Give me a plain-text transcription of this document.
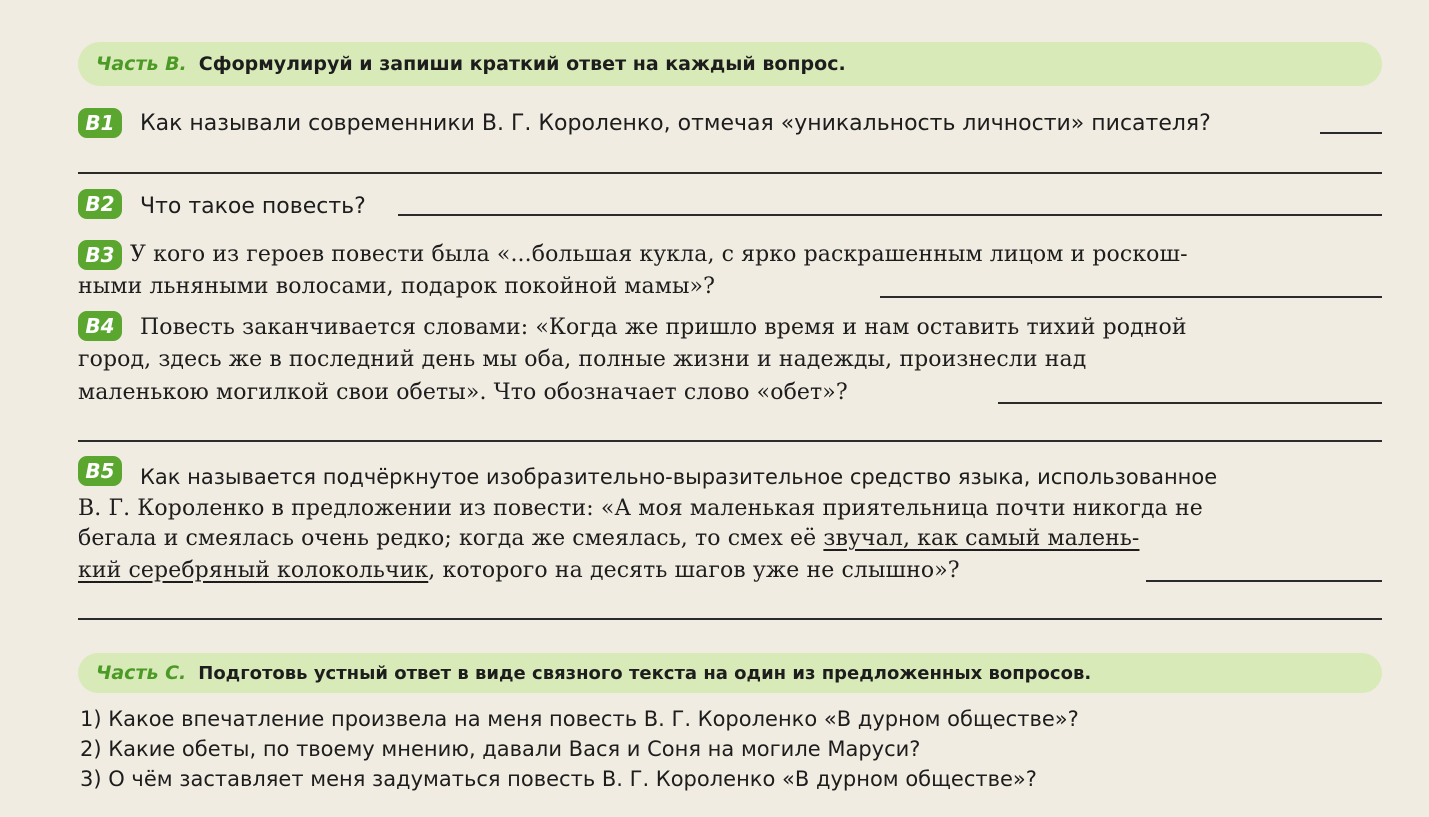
Часть В. Сформулируй и запиши краткий ответ на каждый вопрос.
В1	Как называли современники В. Г. Короленко, отмечая «уникальность личности» писателя?
В2	Что такое повесть?
В3 У кого из героев повести была «...большая кукла, с ярко раскрашенным лицом и роскош-
ными льняными волосами, подарок покойной мамы»?
В4	Повесть заканчивается словами: «Когда же пришло время и нам оставить тихий родной
город, здесь же в последний день мы оба, полные жизни и надежды, произнесли над
маленькою могилкой свои обеты». Что обозначает слово «обет»?
В5	Как называется подчёркнутое изобразительно-выразительное средство языка, использованное
В. Г. Короленко в предложении из повести: «А моя маленькая приятельница почти никогда не
бегала и смеялась очень редко; когда же смеялась, то смех её звучал, как самый малень-
кий серебряный колокольчик, которого на десять шагов уже не слышно»?
Часть С. Подготовь устный ответ в виде связного текста на один из предложенных вопросов.
1) Какое впечатление произвела на меня повесть В. Г. Короленко «В дурном обществе»?
2) Какие обеты, по твоему мнению, давали Вася и Соня на могиле Маруси?
3) О чём заставляет меня задуматься повесть В. Г. Короленко «В дурном обществе»?
